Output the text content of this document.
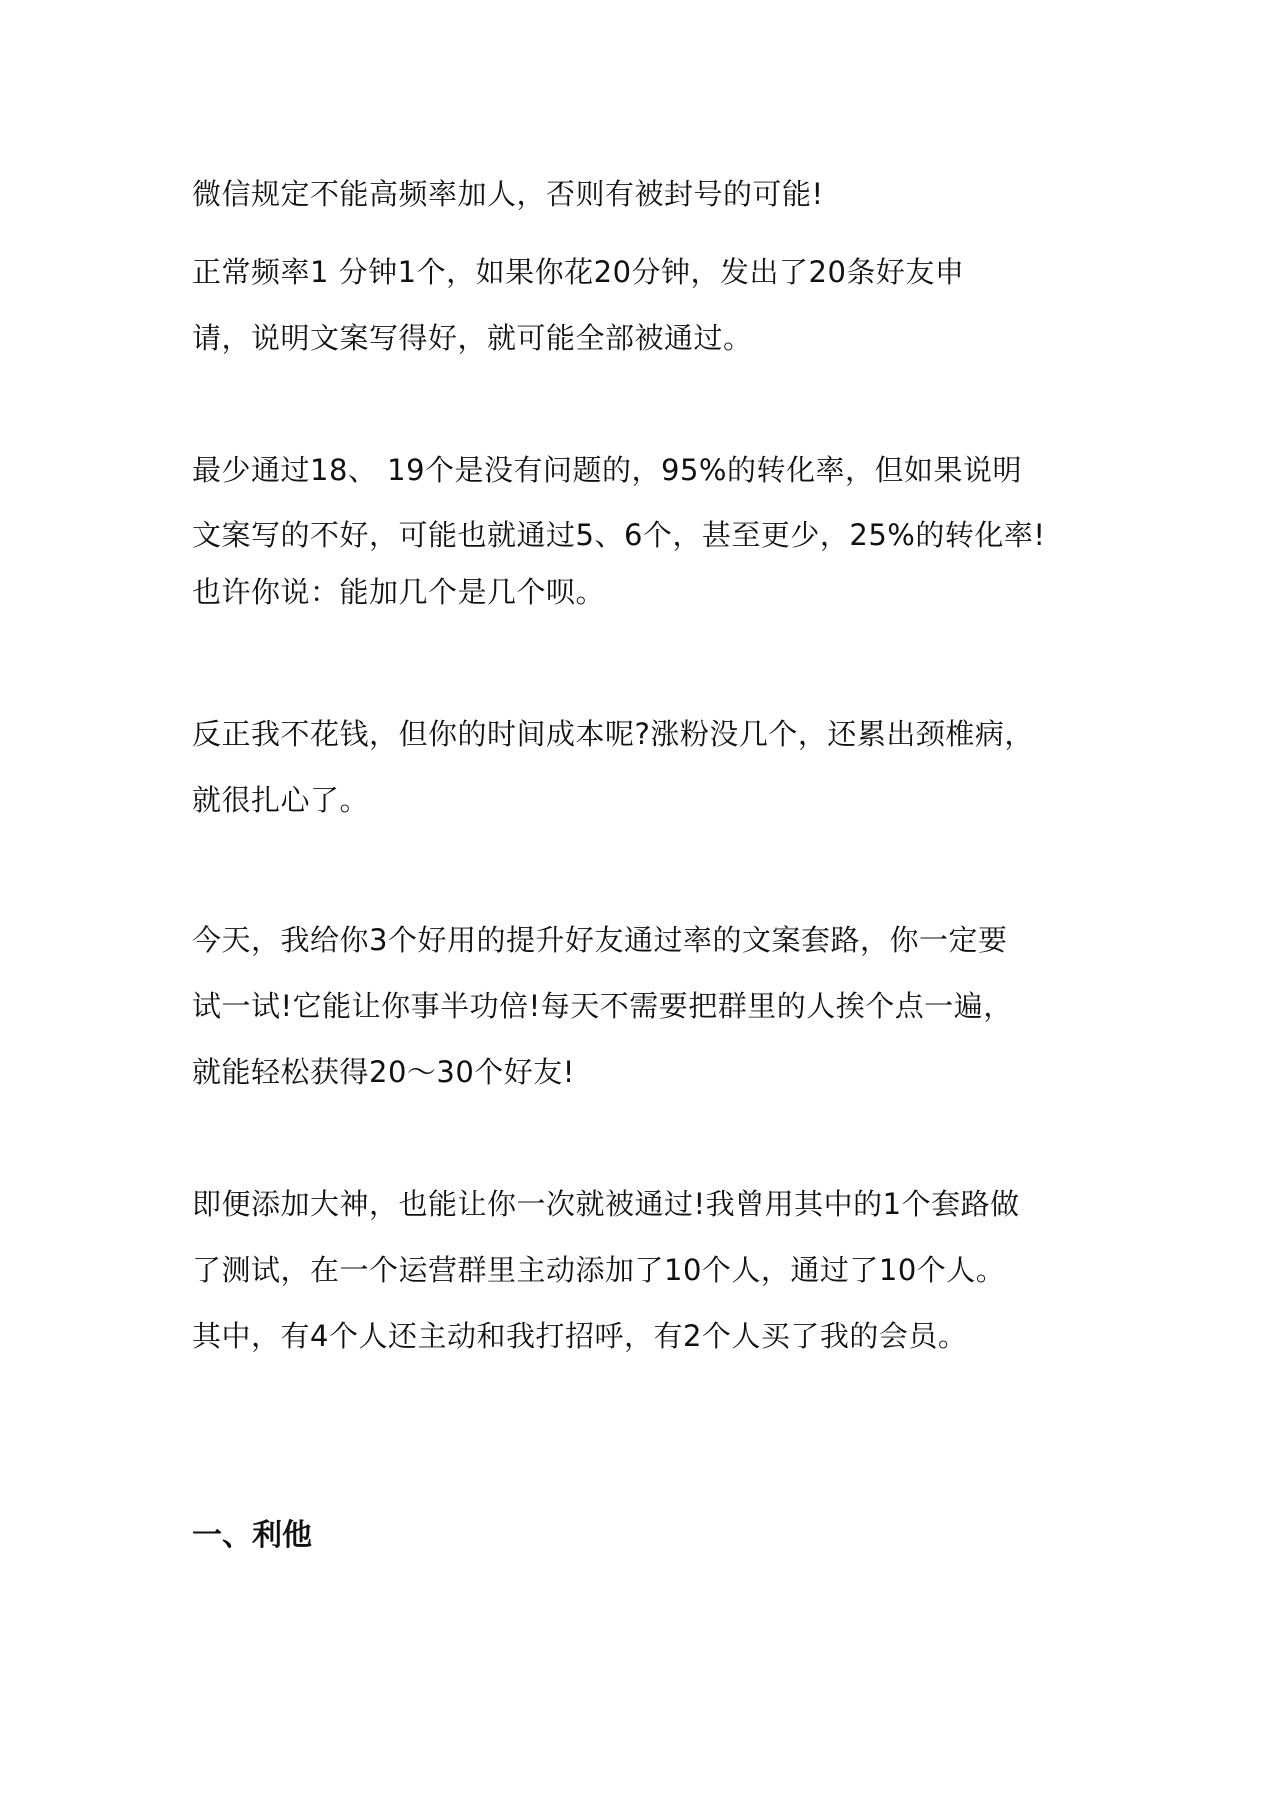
微信规定不能高频率加人，否则有被封号的可能!
正常频率1 分钟1个，如果你花20分钟，发出了20条好友申
请，说明文案写得好，就可能全部被通过。
最少通过18、 19个是没有问题的，95%的转化率，但如果说明
文案写的不好，可能也就通过5、6个，甚至更少，25%的转化率!
也许你说：能加几个是几个呗。
反正我不花钱，但你的时间成本呢?涨粉没几个，还累出颈椎病，
就很扎心了。
今天，我给你3个好用的提升好友通过率的文案套路，你一定要
试一试!它能让你事半功倍!每天不需要把群里的人挨个点一遍，
就能轻松获得20～30个好友!
即便添加大神，也能让你一次就被通过!我曾用其中的1个套路做
了测试，在一个运营群里主动添加了10个人，通过了10个人。
其中，有4个人还主动和我打招呼，有2个人买了我的会员。
一、利他
